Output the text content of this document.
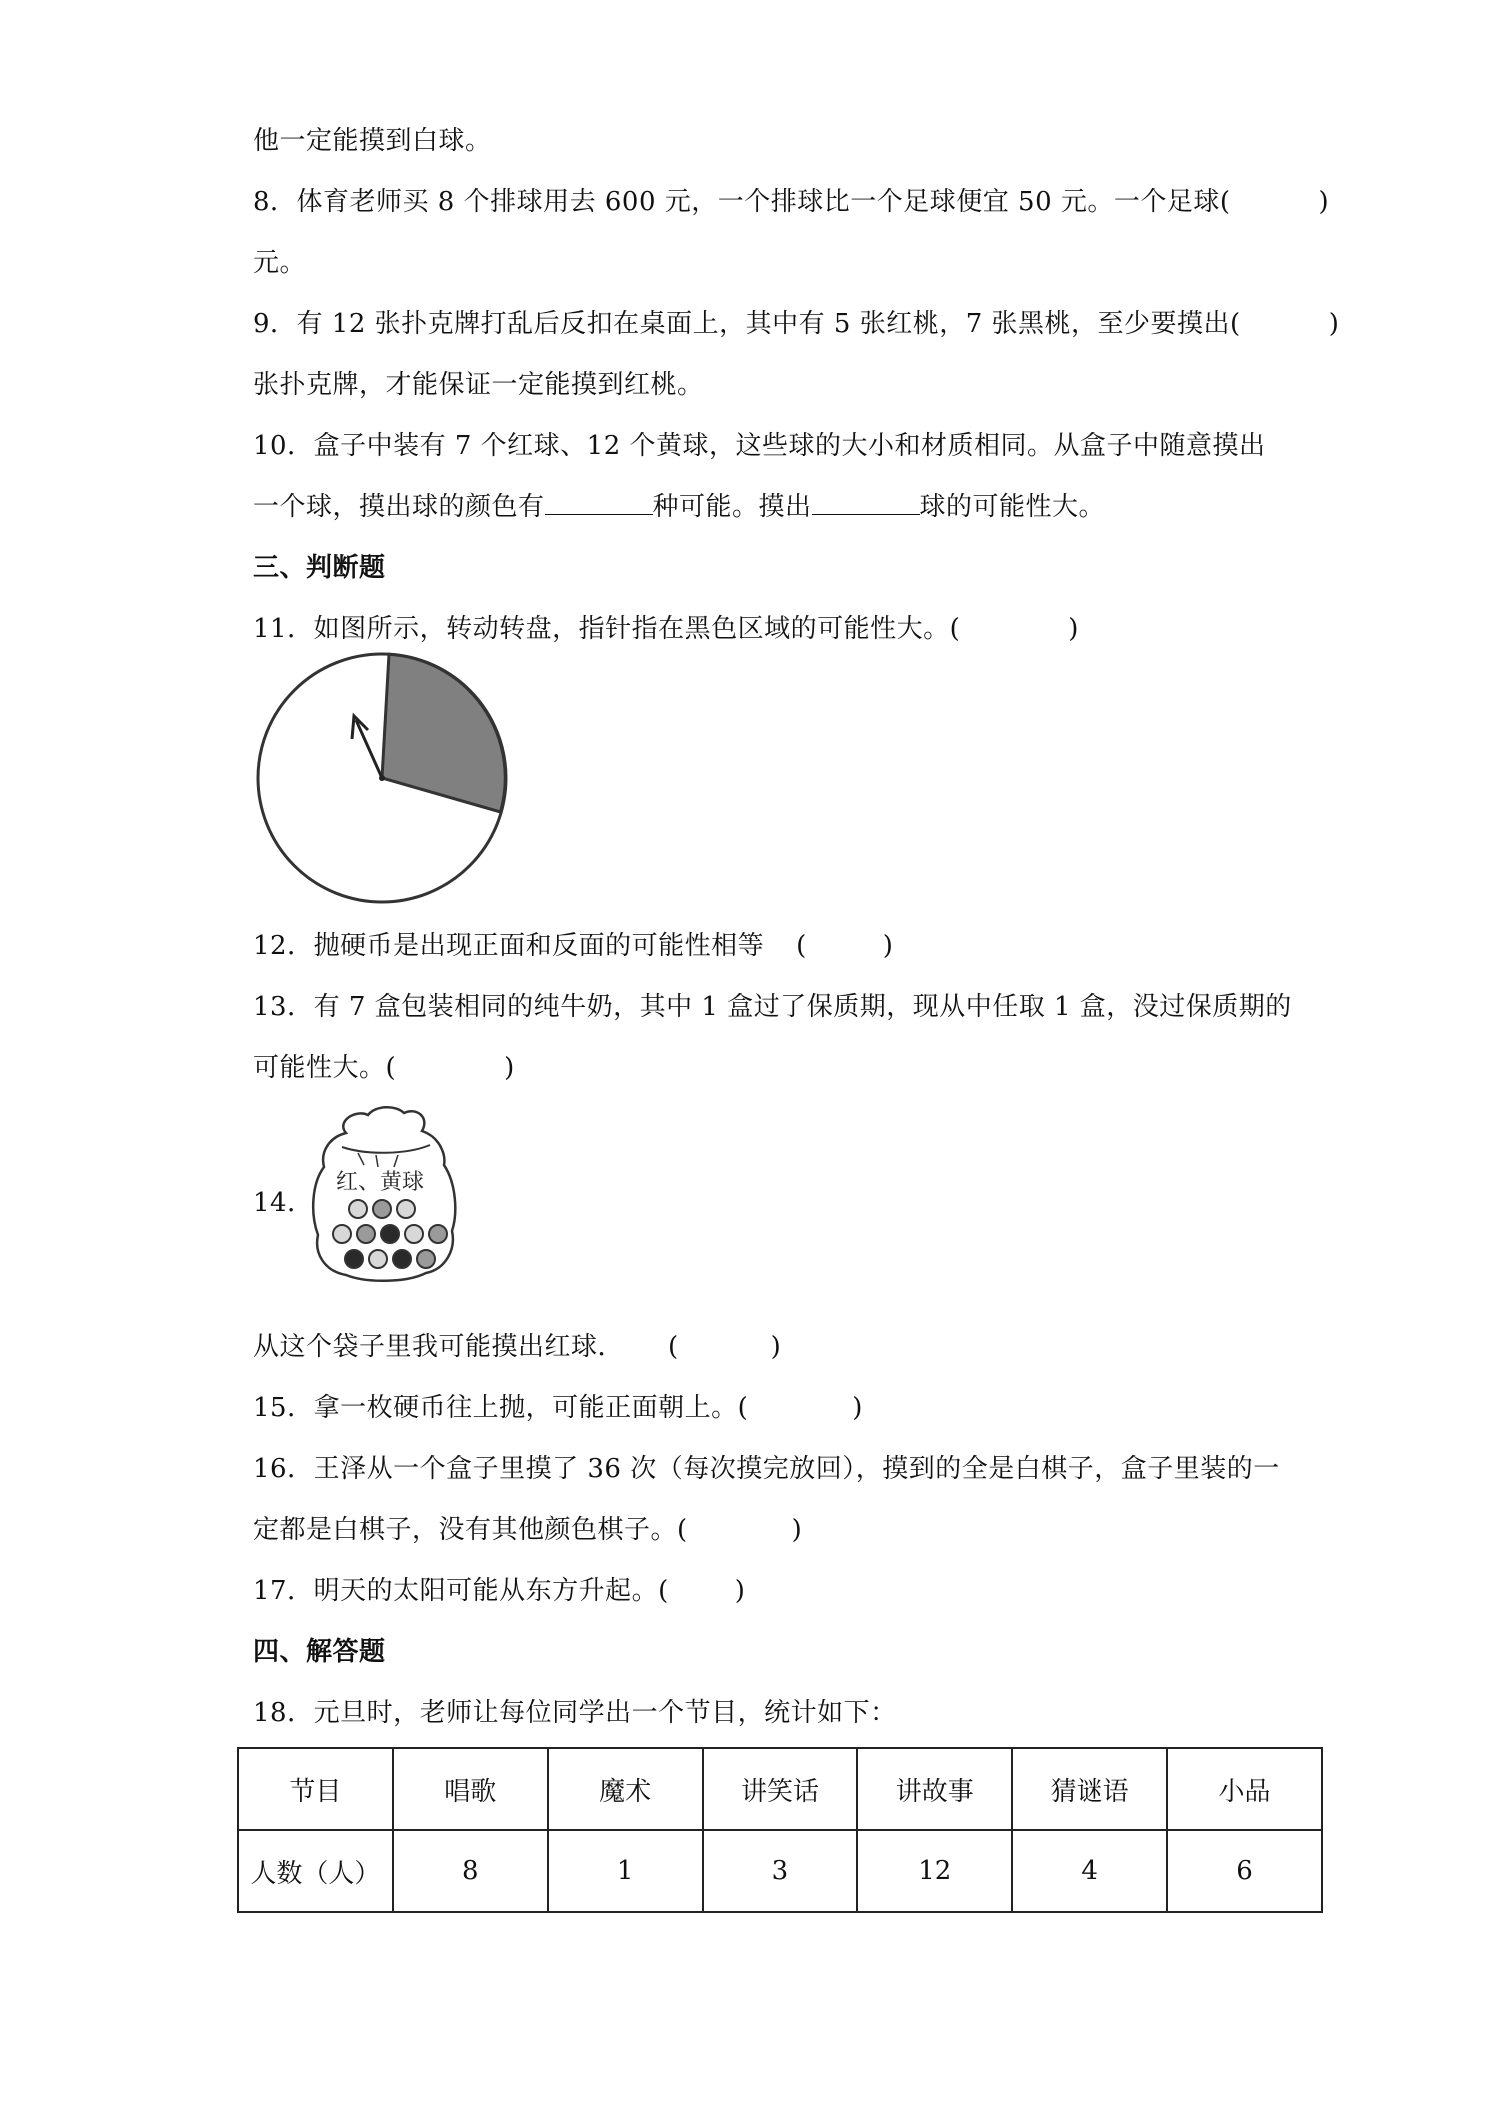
他一定能摸到白球。
8．体育老师买 8 个排球用去 600 元，一个排球比一个足球便宜 50 元。一个足球(	)
元。
9．有 12 张扑克牌打乱后反扣在桌面上，其中有 5 张红桃，7 张黑桃，至少要摸出(	)
张扑克牌，才能保证一定能摸到红桃。
10．盒子中装有 7 个红球、12 个黄球，这些球的大小和材质相同。从盒子中随意摸出
一个球，摸出球的颜色有	种可能。摸出	球的可能性大。
三、判断题
11．如图所示，转动转盘，指针指在黑色区域的可能性大。(	)
12．抛硬币是出现正面和反面的可能性相等 (	)
13．有 7 盒包装相同的纯牛奶，其中 1 盒过了保质期，现从中任取 1 盒，没过保质期的
可能性大。(	)
14．
红、黄球
从这个袋子里我可能摸出红球． (	)
15．拿一枚硬币往上抛，可能正面朝上。(	)
16．王泽从一个盒子里摸了 36 次（每次摸完放回），摸到的全是白棋子，盒子里装的一
定都是白棋子，没有其他颜色棋子。(	)
17．明天的太阳可能从东方升起。(	)
四、解答题
18．元旦时，老师让每位同学出一个节目，统计如下：
节目	唱歌	魔术	讲笑话	讲故事	猜谜语	小品
人数（人）	8	1	3	12	4	6
